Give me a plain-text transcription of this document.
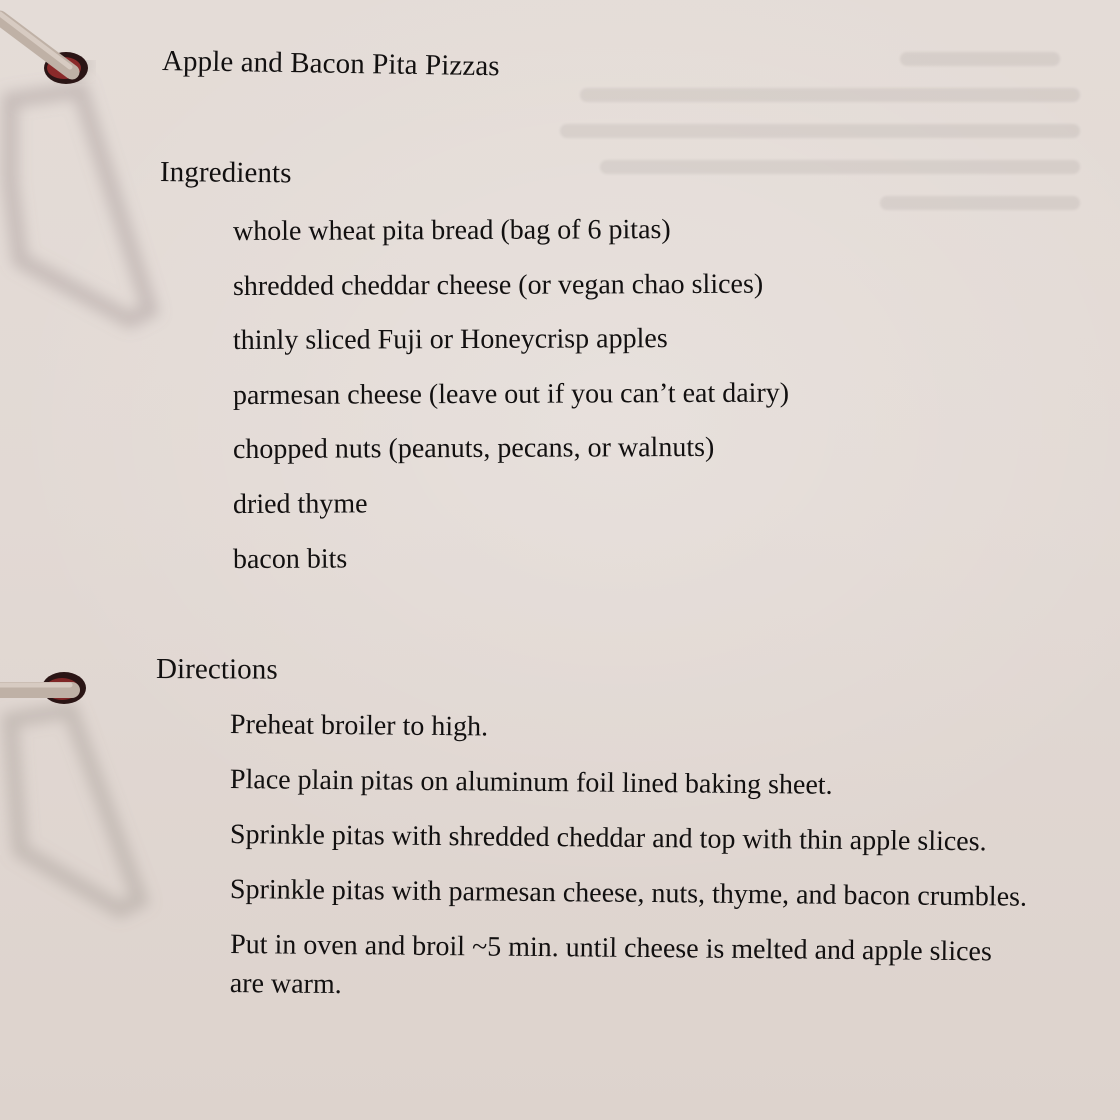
Apple and Bacon Pita Pizzas
Ingredients
whole wheat pita bread (bag of 6 pitas)
shredded cheddar cheese (or vegan chao slices)
thinly sliced Fuji or Honeycrisp apples
parmesan cheese (leave out if you can’t eat dairy)
chopped nuts (peanuts, pecans, or walnuts)
dried thyme
bacon bits
Directions
Preheat broiler to high.
Place plain pitas on aluminum foil lined baking sheet.
Sprinkle pitas with shredded cheddar and top with thin apple slices.
Sprinkle pitas with parmesan cheese, nuts, thyme, and bacon crumbles.
Put in oven and broil ~5 min. until cheese is melted and apple slices are warm.
